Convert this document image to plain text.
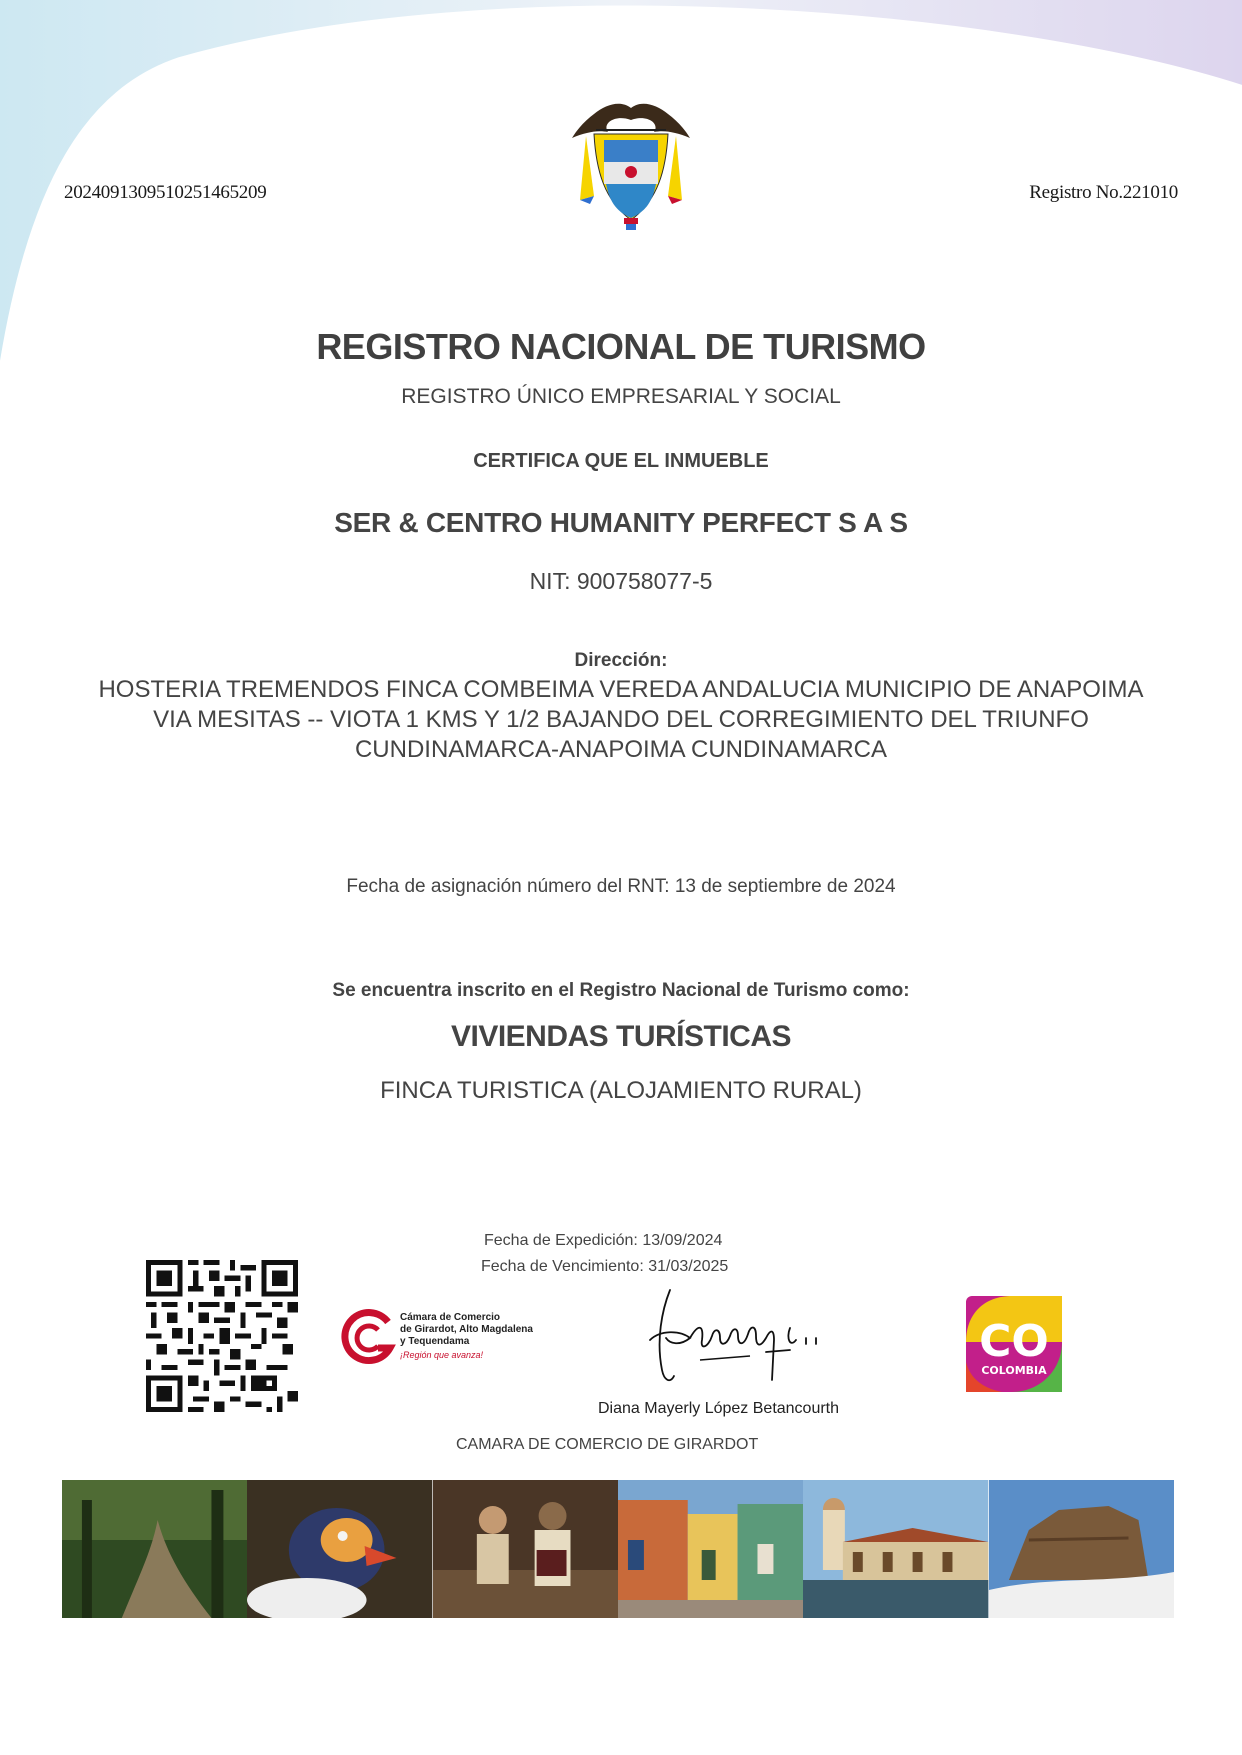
20240913095102514652​09	Registro No.221010
REGISTRO NACIONAL DE TURISMO
REGISTRO ÚNICO EMPRESARIAL Y SOCIAL
CERTIFICA QUE EL INMUEBLE
SER & CENTRO HUMANITY PERFECT S A S
NIT: 900758077-5
Dirección:
HOSTERIA TREMENDOS FINCA COMBEIMA VEREDA ANDALUCIA MUNICIPIO DE ANAPOIMA
VIA MESITAS -- VIOTA 1 KMS Y 1/2 BAJANDO DEL CORREGIMIENTO DEL TRIUNFO
CUNDINAMARCA-ANAPOIMA CUNDINAMARCA
Fecha de asignación número del RNT: 13 de septiembre de 2024
Se encuentra inscrito en el Registro Nacional de Turismo como:
VIVIENDAS TURÍSTICAS
FINCA TURISTICA (ALOJAMIENTO RURAL)
Fecha de Expedición: 13/09/2024
Fecha de Vencimiento: 31/03/2025
Cámara de Comercio
de Girardot, Alto Magdalena
y Tequendama
¡Región que avanza!
Diana Mayerly López Betancourth
CAMARA DE COMERCIO DE GIRARDOT
CO
COLOMBIA
